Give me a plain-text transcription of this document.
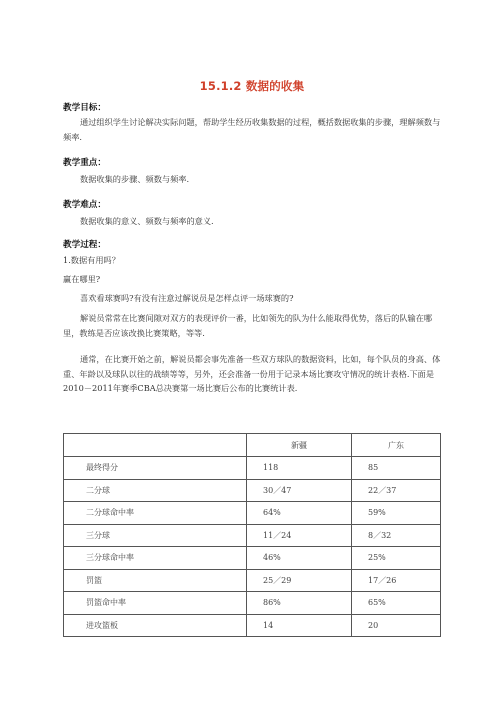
15.1.2 数据的收集
教学目标：
通过组织学生讨论解决实际问题，帮助学生经历收集数据的过程，概括数据收集的步骤，理解频数与频率.
教学重点：
数据收集的步骤、频数与频率.
教学难点：
数据收集的意义、频数与频率的意义.
教学过程：
1.数据有用吗？
赢在哪里?
喜欢看球赛吗?有没有注意过解说员是怎样点评一场球赛的?
解说员常常在比赛间隙对双方的表现评价一番，比如领先的队为什么能取得优势，落后的队输在哪里，教练是否应该改换比赛策略，等等.
通常，在比赛开始之前，解说员都会事先准备一些双方球队的数据资料，比如，每个队员的身高、体重、年龄以及球队以往的战绩等等，另外，还会准备一份用于记录本场比赛攻守情况的统计表格.下面是2010－2011年赛季CBA总决赛第一场比赛后公布的比赛统计表.
	新疆	广东
最终得分	118	85
二分球	30／47	22／37
二分球命中率	64%	59%
三分球	11／24	8／32
三分球命中率	46%	25%
罚篮	25／29	17／26
罚篮命中率	86%	65%
进攻篮板	14	20
